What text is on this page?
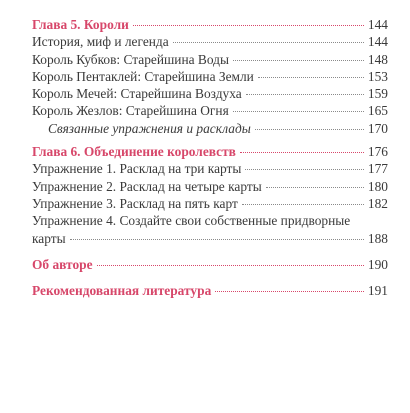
Глава 5. Короли	144
История, миф и легенда	144
Король Кубков: Старейшина Воды	148
Король Пентаклей: Старейшина Земли	153
Король Мечей: Старейшина Воздуха	159
Король Жезлов: Старейшина Огня	165
Связанные упражнения и расклады	170
Глава 6. Объединение королевств	176
Упражнение 1. Расклад на три карты	177
Упражнение 2. Расклад на четыре карты	180
Упражнение 3. Расклад на пять карт	182
Упражнение 4. Создайте свои собственные придворные
карты	188
Об авторе	190
Рекомендованная литература	191
